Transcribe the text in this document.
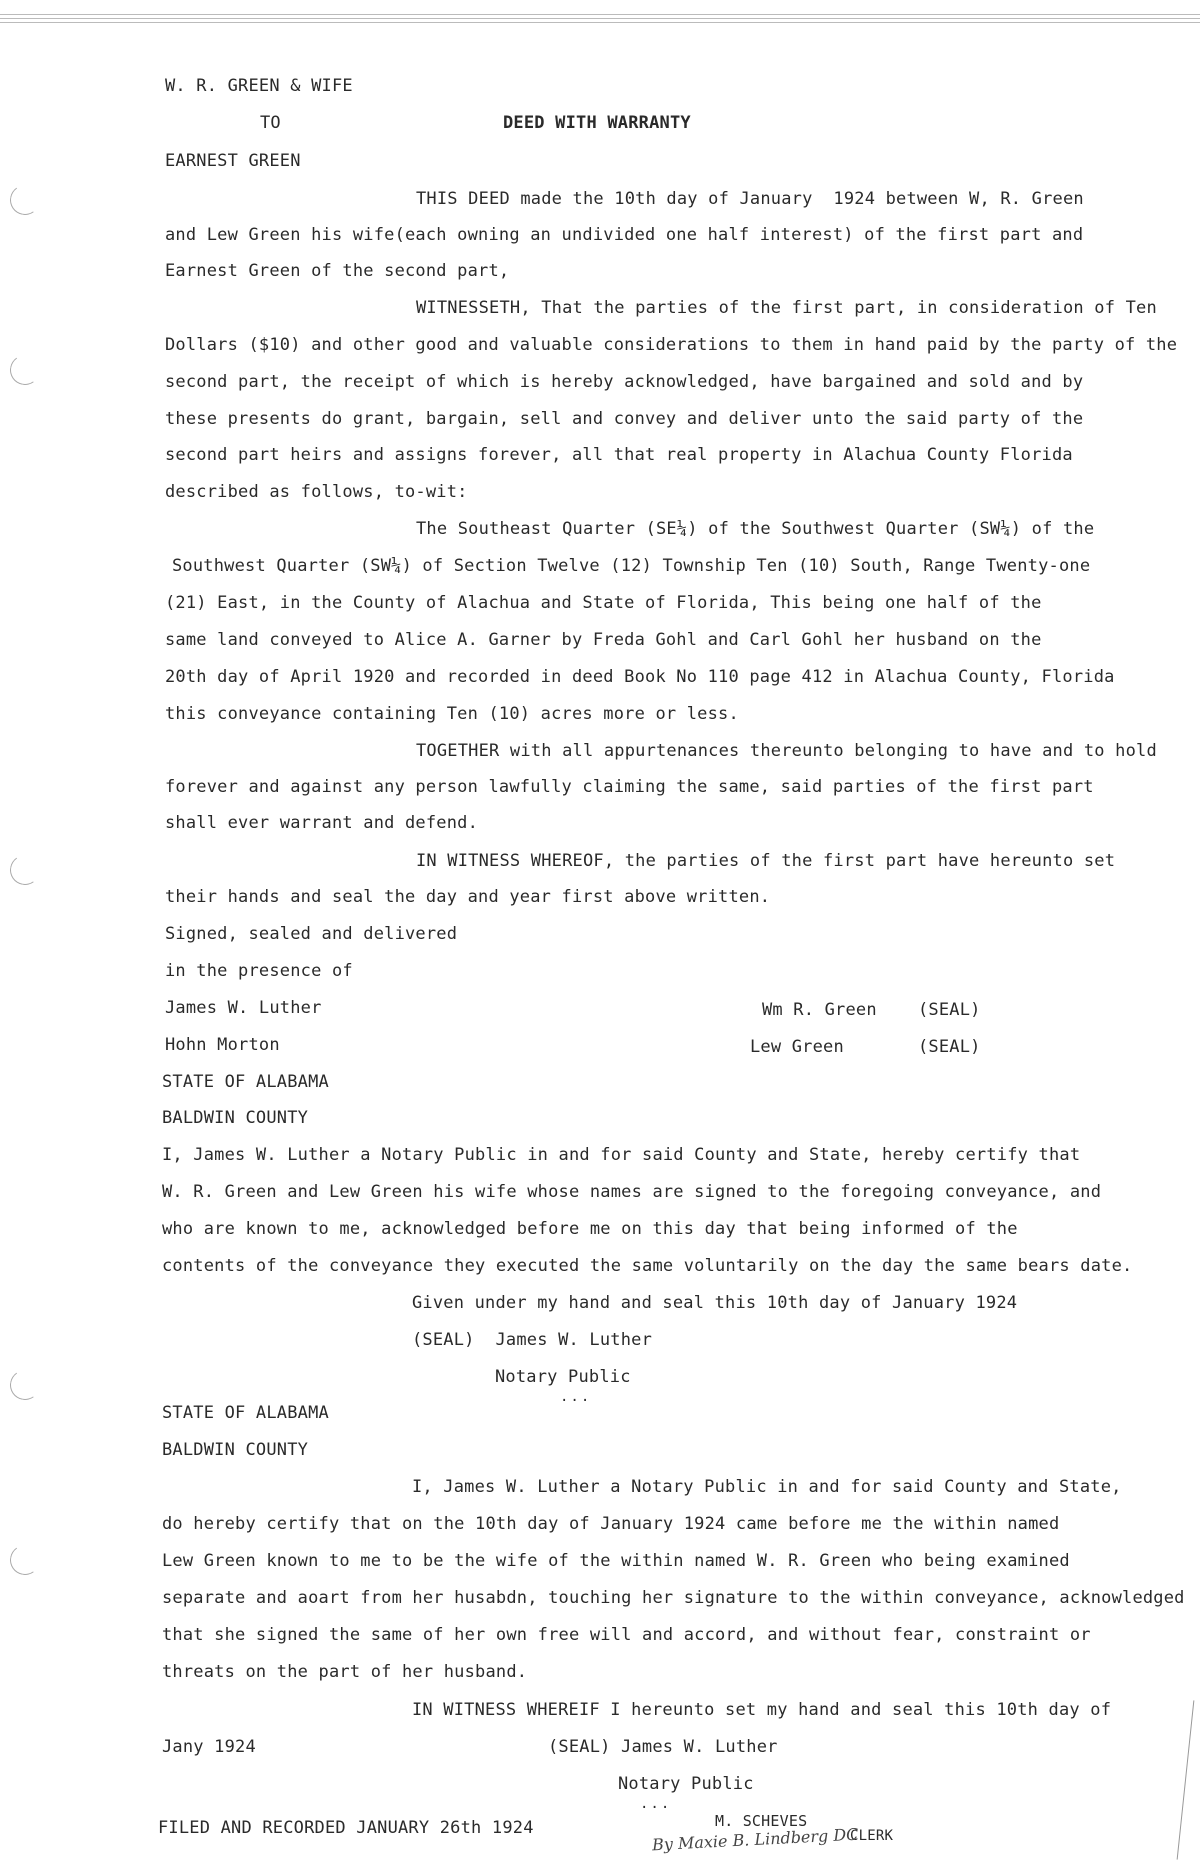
W. R. GREEN & WIFE
TO	DEED WITH WARRANTY
EARNEST GREEN
THIS DEED made the 10th day of January  1924 between W, R. Green
and Lew Green his wife(each owning an undivided one half interest) of the first part and
Earnest Green of the second part,
WITNESSETH, That the parties of the first part, in consideration of Ten
Dollars ($10) and other good and valuable considerations to them in hand paid by the party of the
second part, the receipt of which is hereby acknowledged, have bargained and sold and by
these presents do grant, bargain, sell and convey and deliver unto the said party of the
second part heirs and assigns forever, all that real property in Alachua County Florida
described as follows, to-wit:
The Southeast Quarter (SE¼) of the Southwest Quarter (SW¼) of the
Southwest Quarter (SW¼) of Section Twelve (12) Township Ten (10) South, Range Twenty-one
(21) East, in the County of Alachua and State of Florida, This being one half of the
same land conveyed to Alice A. Garner by Freda Gohl and Carl Gohl her husband on the
20th day of April 1920 and recorded in deed Book No 110 page 412 in Alachua County, Florida
this conveyance containing Ten (10) acres more or less.
TOGETHER with all appurtenances thereunto belonging to have and to hold
forever and against any person lawfully claiming the same, said parties of the first part
shall ever warrant and defend.
IN WITNESS WHEREOF, the parties of the first part have hereunto set
their hands and seal the day and year first above written.
Signed, sealed and delivered
in the presence of
James W. Luther	Wm R. Green (SEAL)
Hohn Morton	Lew Green	(SEAL)
STATE OF ALABAMA
BALDWIN COUNTY
I, James W. Luther a Notary Public in and for said County and State, hereby certify that
W. R. Green and Lew Green his wife whose names are signed to the foregoing conveyance, and
who are known to me, acknowledged before me on this day that being informed of the
contents of the conveyance they executed the same voluntarily on the day the same bears date.
Given under my hand and seal this 10th day of January 1924
(SEAL)  James W. Luther
Notary Public
...
STATE OF ALABAMA
BALDWIN COUNTY
I, James W. Luther a Notary Public in and for said County and State,
do hereby certify that on the 10th day of January 1924 came before me the within named
Lew Green known to me to be the wife of the within named W. R. Green who being examined
separate and aoart from her husabdn, touching her signature to the within conveyance, acknowledged
that she signed the same of her own free will and accord, and without fear, constraint or
threats on the part of her husband.
IN WITNESS WHEREIF I hereunto set my hand and seal this 10th day of
Jany 1924	(SEAL) James W. Luther
Notary Public
...
FILED AND RECORDED JANUARY 26th 1924	M. SCHEVES
CLERK
By Maxie B. Lindberg DC
